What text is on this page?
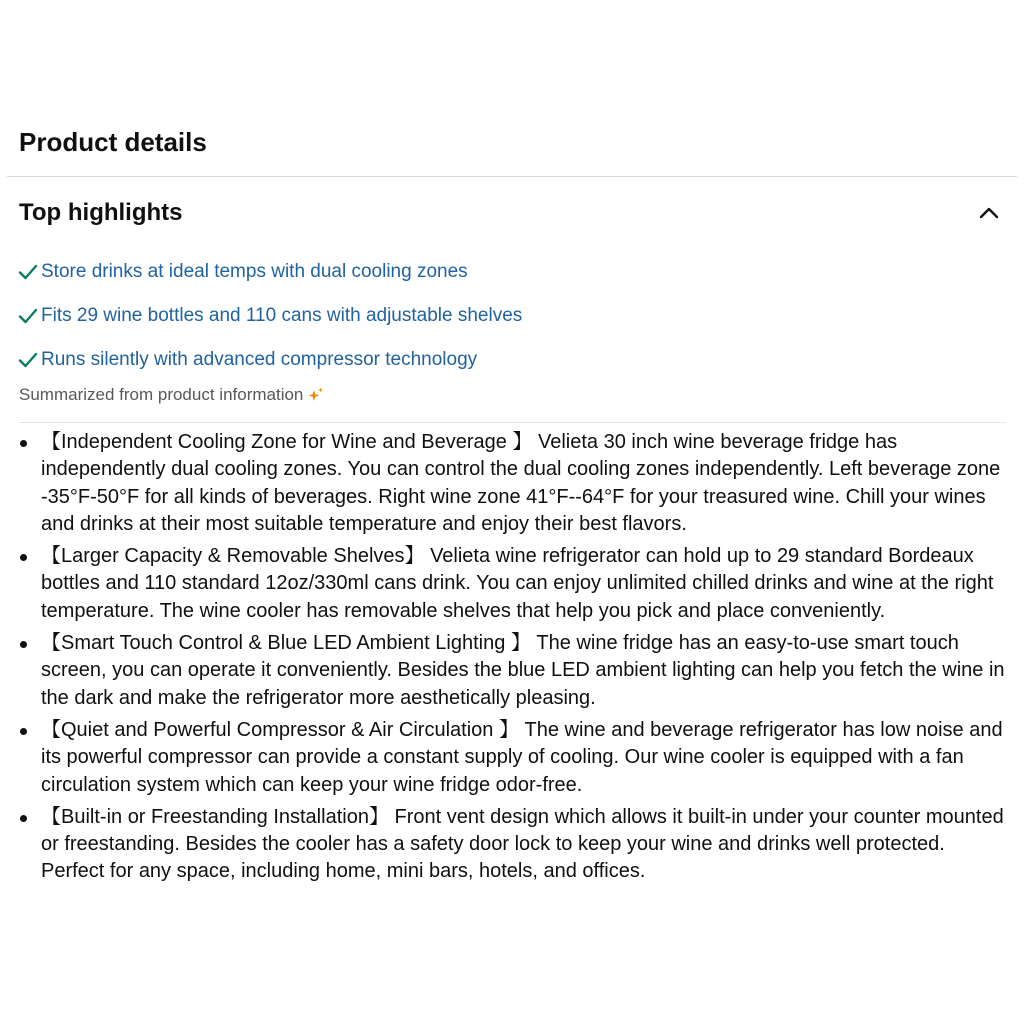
Product details
Top highlights
Store drinks at ideal temps with dual cooling zones
Fits 29 wine bottles and 110 cans with adjustable shelves
Runs silently with advanced compressor technology
Summarized from product information
【Independent Cooling Zone for Wine and Beverage 】 Velieta 30 inch wine beverage fridge has independently dual cooling zones. You can control the dual cooling zones independently. Left beverage zone -35°F-50°F for all kinds of beverages. Right wine zone 41°F--64°F for your treasured wine. Chill your wines and drinks at their most suitable temperature and enjoy their best flavors.
【Larger Capacity & Removable Shelves】 Velieta wine refrigerator can hold up to 29 standard Bordeaux bottles and 110 standard 12oz/330ml cans drink. You can enjoy unlimited chilled drinks and wine at the right temperature. The wine cooler has removable shelves that help you pick and place conveniently.
【Smart Touch Control & Blue LED Ambient Lighting 】 The wine fridge has an easy-to-use smart touch screen, you can operate it conveniently. Besides the blue LED ambient lighting can help you fetch the wine in the dark and make the refrigerator more aesthetically pleasing.
【Quiet and Powerful Compressor & Air Circulation 】 The wine and beverage refrigerator has low noise and its powerful compressor can provide a constant supply of cooling. Our wine cooler is equipped with a fan circulation system which can keep your wine fridge odor-free.
【Built-in or Freestanding Installation】 Front vent design which allows it built-in under your counter mounted or freestanding. Besides the cooler has a safety door lock to keep your wine and drinks well protected. Perfect for any space, including home, mini bars, hotels, and offices.
